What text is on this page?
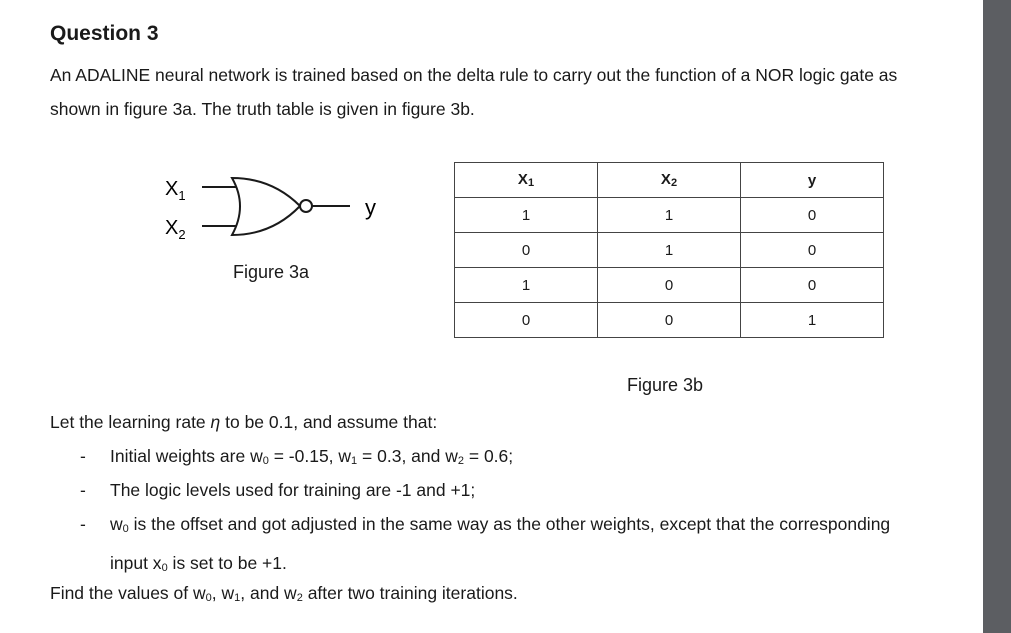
Question 3
An ADALINE neural network is trained based on the delta rule to carry out the function of a NOR logic gate as shown in figure 3a. The truth table is given in figure 3b.
$X_1$
$X_2$
y
Figure 3a
$X_1$	$X_2$	y
1	1	0
0	1	0
1	0	0
0	0	1
Figure 3b
Let the learning rate η to be 0.1, and assume that:
- Initial weights are $w_0 = -0.15$, $w_1 = 0.3$, and $w_2 = 0.6$;
- The logic levels used for training are -1 and +1;
- $w_0$ is the offset and got adjusted in the same way as the other weights, except that the corresponding input $x_0$ is set to be +1.
Find the values of $w_0$, $w_1$, and $w_2$ after two training iterations.
